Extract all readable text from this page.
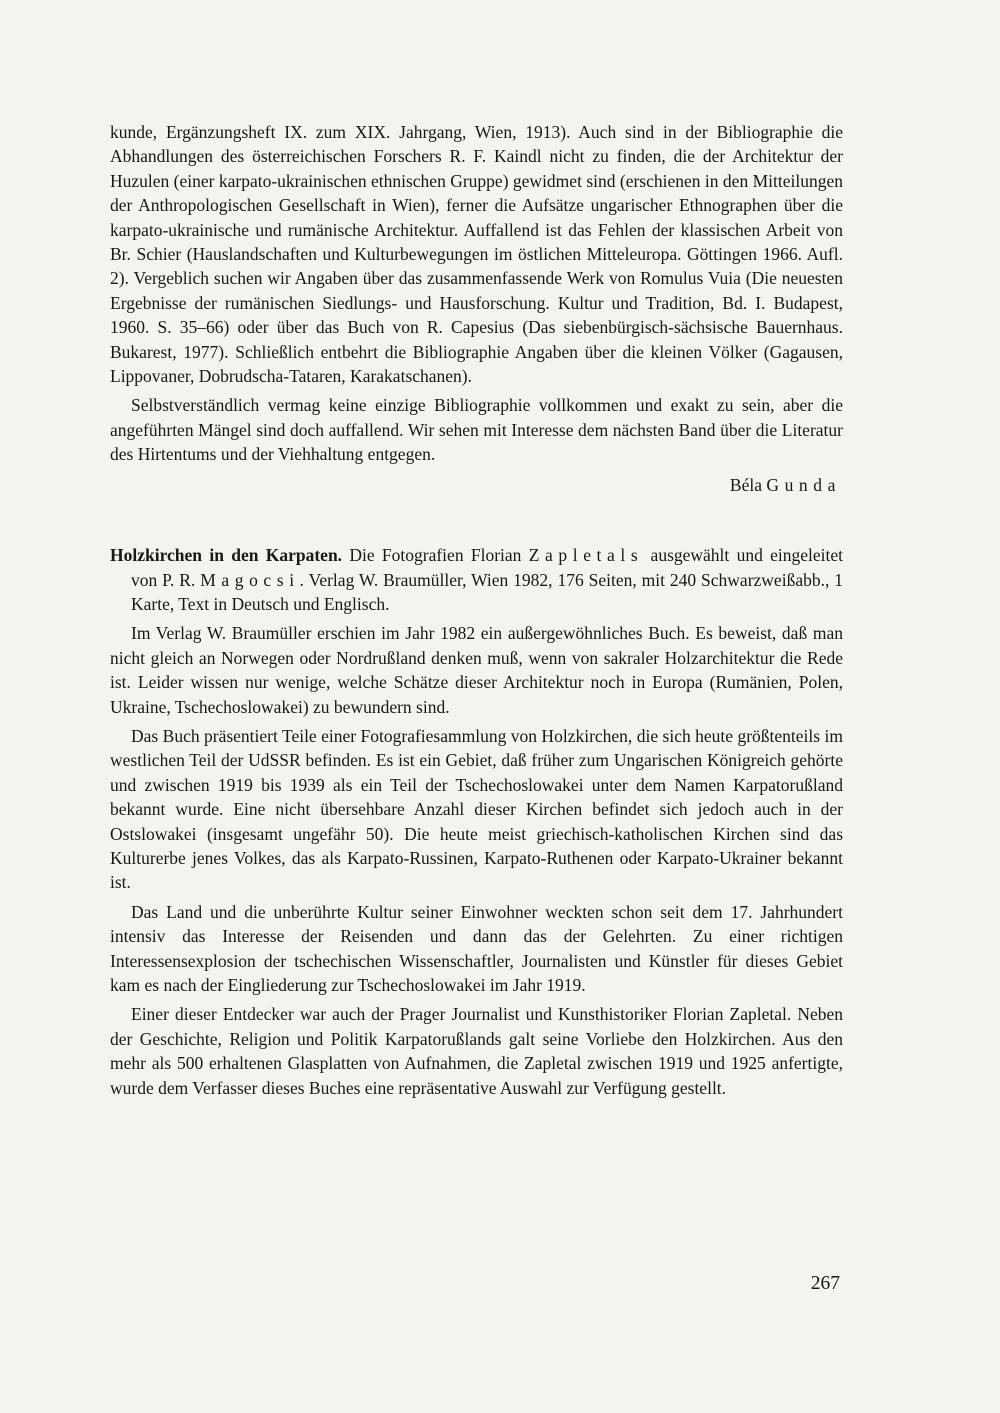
kunde, Ergänzungsheft IX. zum XIX. Jahrgang, Wien, 1913). Auch sind in der Bibliographie die Abhandlungen des österreichischen Forschers R. F. Kaindl nicht zu finden, die der Architektur der Huzulen (einer karpato-ukrainischen ethnischen Gruppe) gewidmet sind (erschienen in den Mitteilungen der Anthropologischen Gesellschaft in Wien), ferner die Aufsätze ungarischer Ethnographen über die karpato-ukrainische und rumänische Architektur. Auffallend ist das Fehlen der klassischen Arbeit von Br. Schier (Hauslandschaften und Kulturbewegungen im östlichen Mitteleuropa. Göttingen 1966. Aufl. 2). Vergeblich suchen wir Angaben über das zusammenfassende Werk von Romulus Vuia (Die neuesten Ergebnisse der rumänischen Siedlungs- und Hausforschung. Kultur und Tradition, Bd. I. Budapest, 1960. S. 35–66) oder über das Buch von R. Capesius (Das siebenbürgisch-sächsische Bauernhaus. Bukarest, 1977). Schließlich entbehrt die Bibliographie Angaben über die kleinen Völker (Gagausen, Lippovaner, Dobrudscha-Tataren, Karakatschanen).

Selbstverständlich vermag keine einzige Bibliographie vollkommen und exakt zu sein, aber die angeführten Mängel sind doch auffallend. Wir sehen mit Interesse dem nächsten Band über die Literatur des Hirtentums und der Viehhaltung entgegen.

Béla Gunda

Holzkirchen in den Karpaten. Die Fotografien Florian Zapletals ausgewählt und eingeleitet von P. R. Magocsi. Verlag W. Braumüller, Wien 1982, 176 Seiten, mit 240 Schwarzweißabb., 1 Karte, Text in Deutsch und Englisch.

Im Verlag W. Braumüller erschien im Jahr 1982 ein außergewöhnliches Buch. Es beweist, daß man nicht gleich an Norwegen oder Nordrußland denken muß, wenn von sakraler Holzarchitektur die Rede ist. Leider wissen nur wenige, welche Schätze dieser Architektur noch in Europa (Rumänien, Polen, Ukraine, Tschechoslowakei) zu bewundern sind.

Das Buch präsentiert Teile einer Fotografiesammlung von Holzkirchen, die sich heute größtenteils im westlichen Teil der UdSSR befinden. Es ist ein Gebiet, daß früher zum Ungarischen Königreich gehörte und zwischen 1919 bis 1939 als ein Teil der Tschechoslowakei unter dem Namen Karpatorußland bekannt wurde. Eine nicht übersehbare Anzahl dieser Kirchen befindet sich jedoch auch in der Ostslowakei (insgesamt ungefähr 50). Die heute meist griechisch-katholischen Kirchen sind das Kulturerbe jenes Volkes, das als Karpato-Russinen, Karpato-Ruthenen oder Karpato-Ukrainer bekannt ist.

Das Land und die unberührte Kultur seiner Einwohner weckten schon seit dem 17. Jahrhundert intensiv das Interesse der Reisenden und dann das der Gelehrten. Zu einer richtigen Interessensexplosion der tschechischen Wissenschaftler, Journalisten und Künstler für dieses Gebiet kam es nach der Eingliederung zur Tschechoslowakei im Jahr 1919.

Einer dieser Entdecker war auch der Prager Journalist und Kunsthistoriker Florian Zapletal. Neben der Geschichte, Religion und Politik Karpatorußlands galt seine Vorliebe den Holzkirchen. Aus den mehr als 500 erhaltenen Glasplatten von Aufnahmen, die Zapletal zwischen 1919 und 1925 anfertigte, wurde dem Verfasser dieses Buches eine repräsentative Auswahl zur Verfügung gestellt.

267
